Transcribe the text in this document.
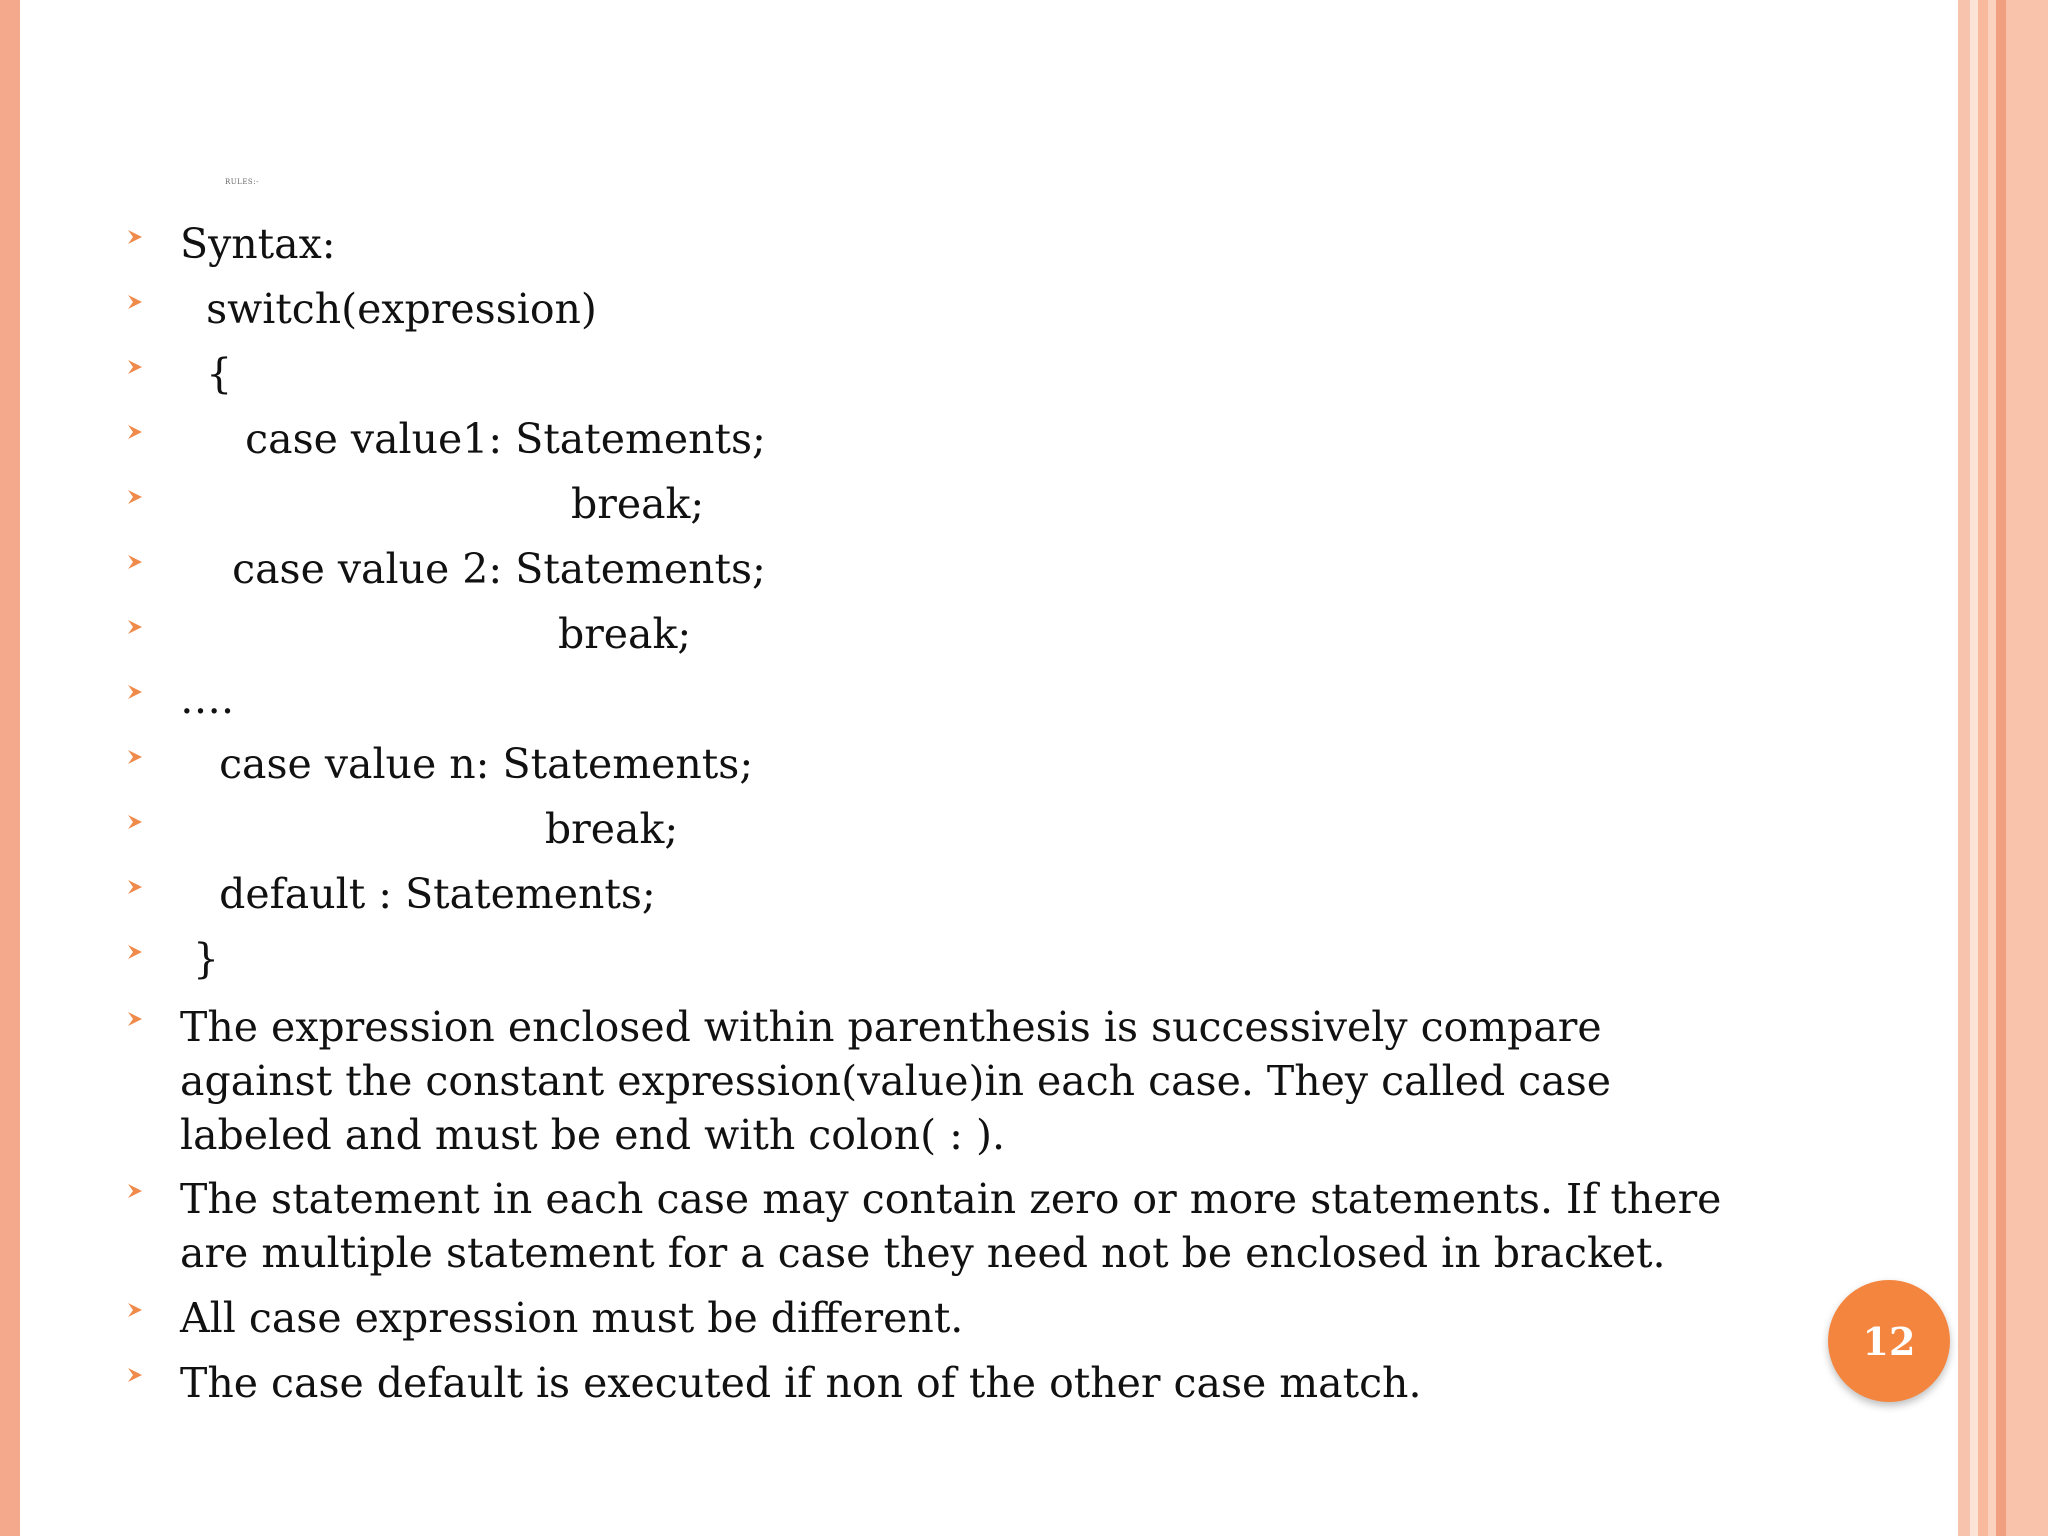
RULES:-
Syntax:
switch(expression)
{
case value1: Statements;
break;
case value 2: Statements;
break;
….
case value n: Statements;
break;
default : Statements;
}
The expression enclosed within parenthesis is successively compare against the constant expression(value)in each case. They called case labeled and must be end with colon( : ).
The statement in each case may contain zero or more statements. If there are multiple statement for a case they need not be enclosed in bracket.
All case expression must be different.
The case default is executed if non of the other case match.
12
